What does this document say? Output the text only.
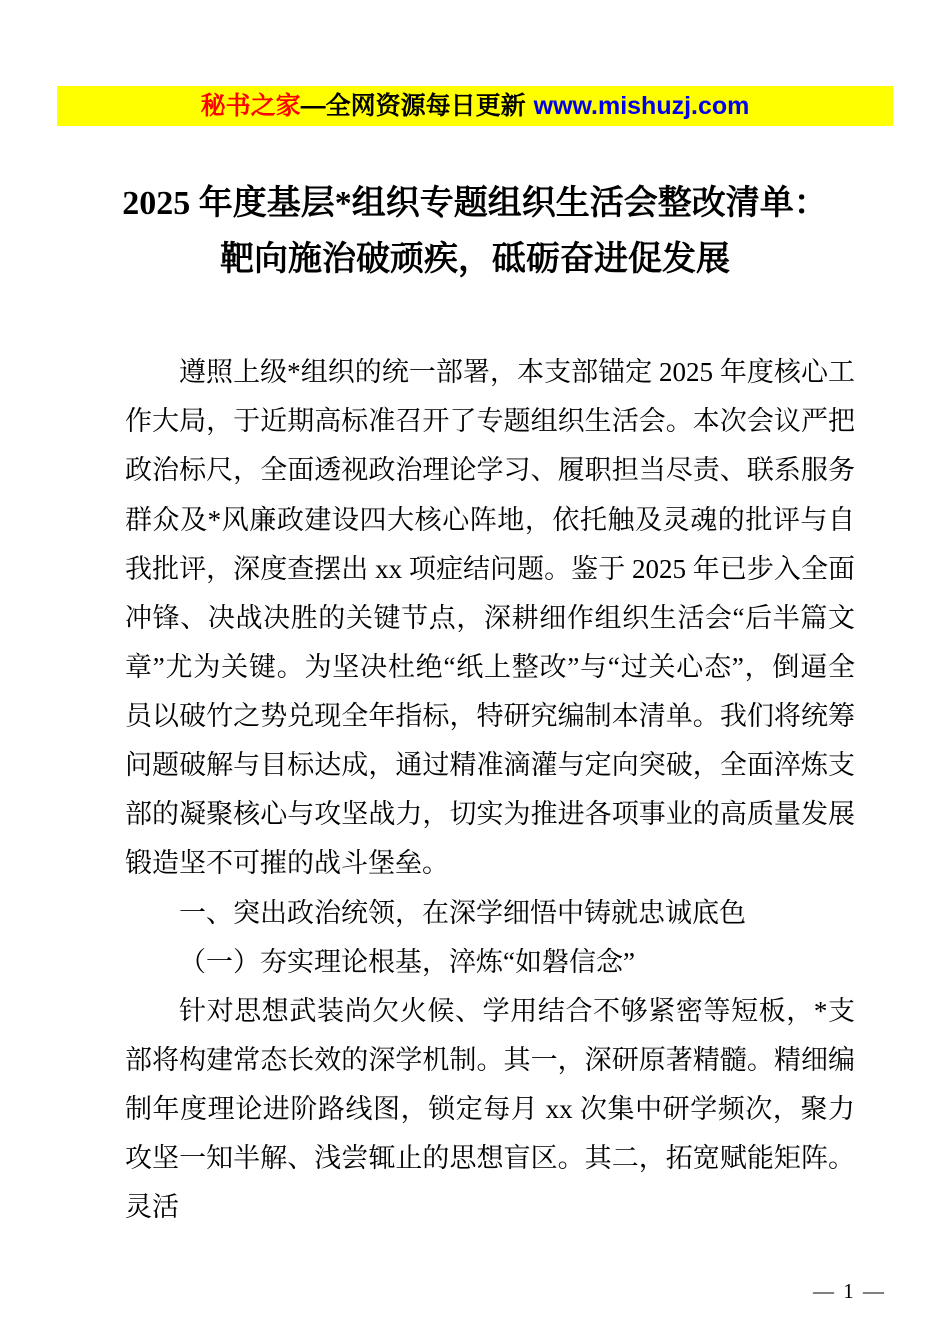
秘书之家—全网资源每日更新 www.mishuzj.com
2025 年度基层*组织专题组织生活会整改清单：
靶向施治破顽疾，砥砺奋进促发展

遵照上级*组织的统一部署，本支部锚定 2025 年度核心工作大局，于近期高标准召开了专题组织生活会。本次会议严把政治标尺，全面透视政治理论学习、履职担当尽责、联系服务群众及*风廉政建设四大核心阵地，依托触及灵魂的批评与自我批评，深度查摆出 xx 项症结问题。鉴于 2025 年已步入全面冲锋、决战决胜的关键节点，深耕细作组织生活会“后半篇文章”尤为关键。为坚决杜绝“纸上整改”与“过关心态”，倒逼全员以破竹之势兑现全年指标，特研究编制本清单。我们将统筹问题破解与目标达成，通过精准滴灌与定向突破，全面淬炼支部的凝聚核心与攻坚战力，切实为推进各项事业的高质量发展锻造坚不可摧的战斗堡垒。

一、突出政治统领，在深学细悟中铸就忠诚底色

（一）夯实理论根基，淬炼“如磐信念”

针对思想武装尚欠火候、学用结合不够紧密等短板，*支部将构建常态长效的深学机制。其一，深研原著精髓。精细编制年度理论进阶路线图，锁定每月 xx 次集中研学频次，聚力攻坚一知半解、浅尝辄止的思想盲区。其二，拓宽赋能矩阵。灵活

— 1 —
